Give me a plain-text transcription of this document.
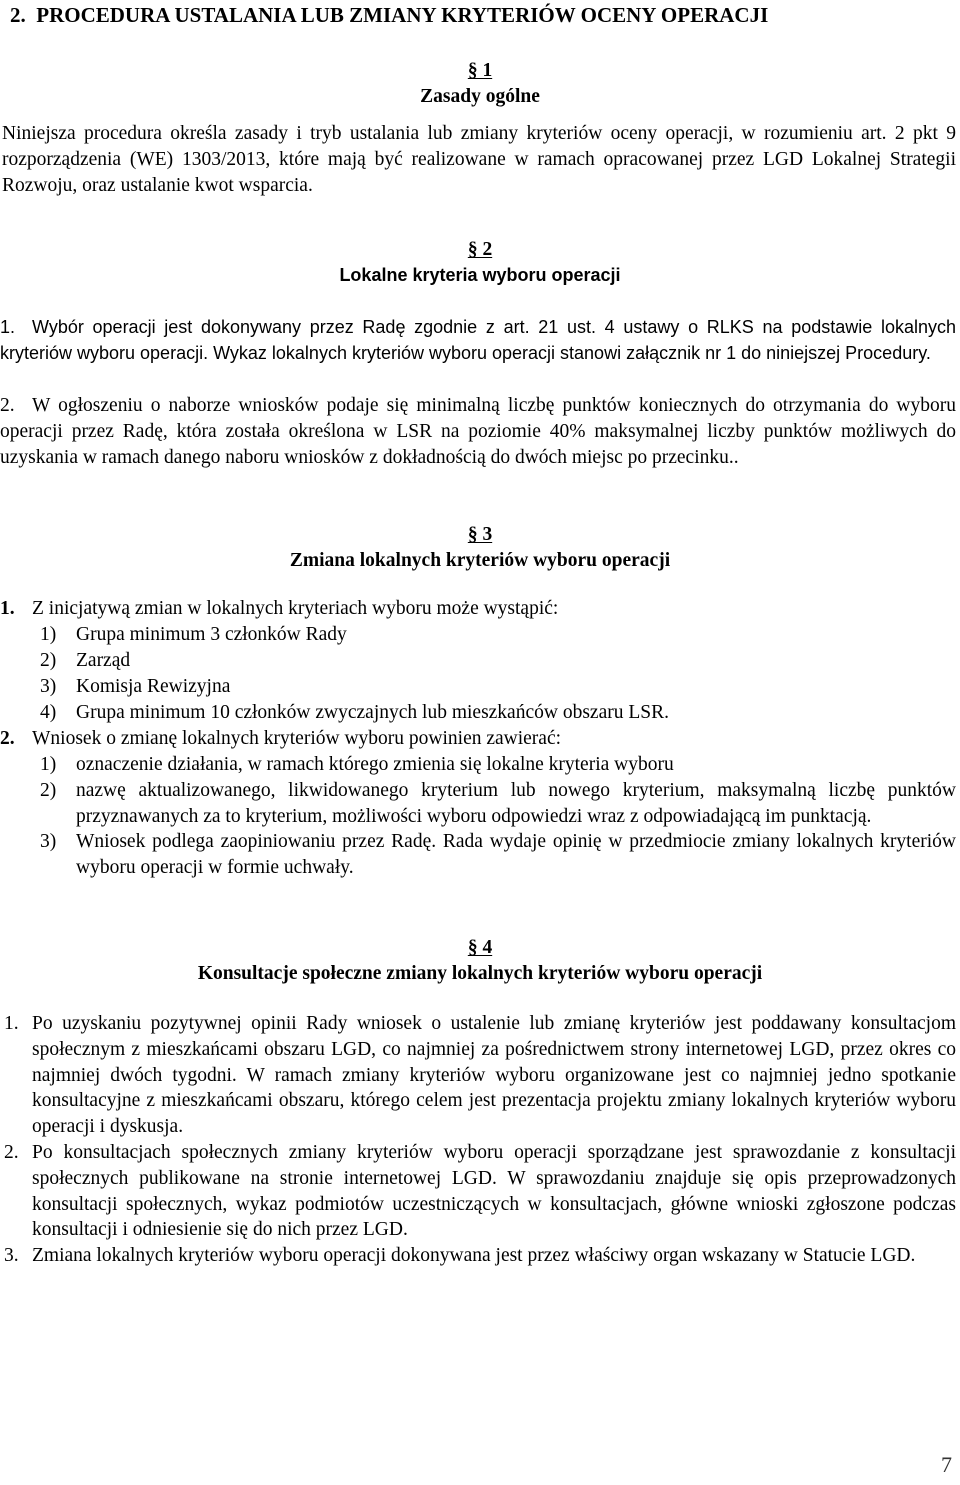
2.  PROCEDURA USTALANIA LUB ZMIANY KRYTERIÓW OCENY OPERACJI
§ 1
Zasady ogólne
Niniejsza procedura określa zasady i tryb ustalania lub zmiany kryteriów oceny operacji, w rozumieniu art. 2 pkt 9 rozporządzenia (WE) 1303/2013, które mają być realizowane w ramach opracowanej przez LGD Lokalnej Strategii Rozwoju, oraz ustalanie kwot wsparcia.
§ 2
Lokalne kryteria wyboru operacji
1. Wybór operacji jest dokonywany przez Radę zgodnie z art. 21 ust. 4 ustawy o RLKS na podstawie lokalnych kryteriów wyboru operacji. Wykaz lokalnych kryteriów wyboru operacji stanowi załącznik nr 1 do niniejszej Procedury.
2. W ogłoszeniu o naborze wniosków podaje się minimalną liczbę punktów koniecznych do otrzymania do wyboru operacji przez Radę, która została określona w LSR na poziomie 40% maksymalnej liczby punktów możliwych do uzyskania w ramach danego naboru wniosków z dokładnością do dwóch miejsc po przecinku..
§ 3
Zmiana lokalnych kryteriów wyboru operacji
1. Z inicjatywą zmian w lokalnych kryteriach wyboru może wystąpić:
1) Grupa minimum 3 członków Rady
2) Zarząd
3) Komisja Rewizyjna
4) Grupa minimum 10 członków zwyczajnych lub mieszkańców obszaru LSR.
2. Wniosek o zmianę lokalnych kryteriów wyboru powinien zawierać:
1) oznaczenie działania, w ramach którego zmienia się lokalne kryteria wyboru
2) nazwę aktualizowanego, likwidowanego kryterium lub nowego kryterium, maksymalną liczbę punktów przyznawanych za to kryterium, możliwości wyboru odpowiedzi wraz z odpowiadającą im punktacją.
3) Wniosek podlega zaopiniowaniu przez Radę. Rada wydaje opinię w przedmiocie zmiany lokalnych kryteriów wyboru operacji w formie uchwały.
§ 4
Konsultacje społeczne zmiany lokalnych kryteriów wyboru operacji
1. Po uzyskaniu pozytywnej opinii Rady wniosek o ustalenie lub zmianę kryteriów jest poddawany konsultacjom społecznym z mieszkańcami obszaru LGD, co najmniej za pośrednictwem strony internetowej LGD, przez okres co najmniej dwóch tygodni. W ramach zmiany kryteriów wyboru organizowane jest co najmniej jedno spotkanie konsultacyjne z mieszkańcami obszaru, którego celem jest prezentacja projektu zmiany lokalnych kryteriów wyboru operacji i dyskusja.
2. Po konsultacjach społecznych zmiany kryteriów wyboru operacji sporządzane jest sprawozdanie z konsultacji społecznych publikowane na stronie internetowej LGD. W sprawozdaniu znajduje się opis przeprowadzonych konsultacji społecznych, wykaz podmiotów uczestniczących w konsultacjach, główne wnioski zgłoszone podczas konsultacji i odniesienie się do nich przez LGD.
3. Zmiana lokalnych kryteriów wyboru operacji dokonywana jest przez właściwy organ wskazany w Statucie LGD.
7
